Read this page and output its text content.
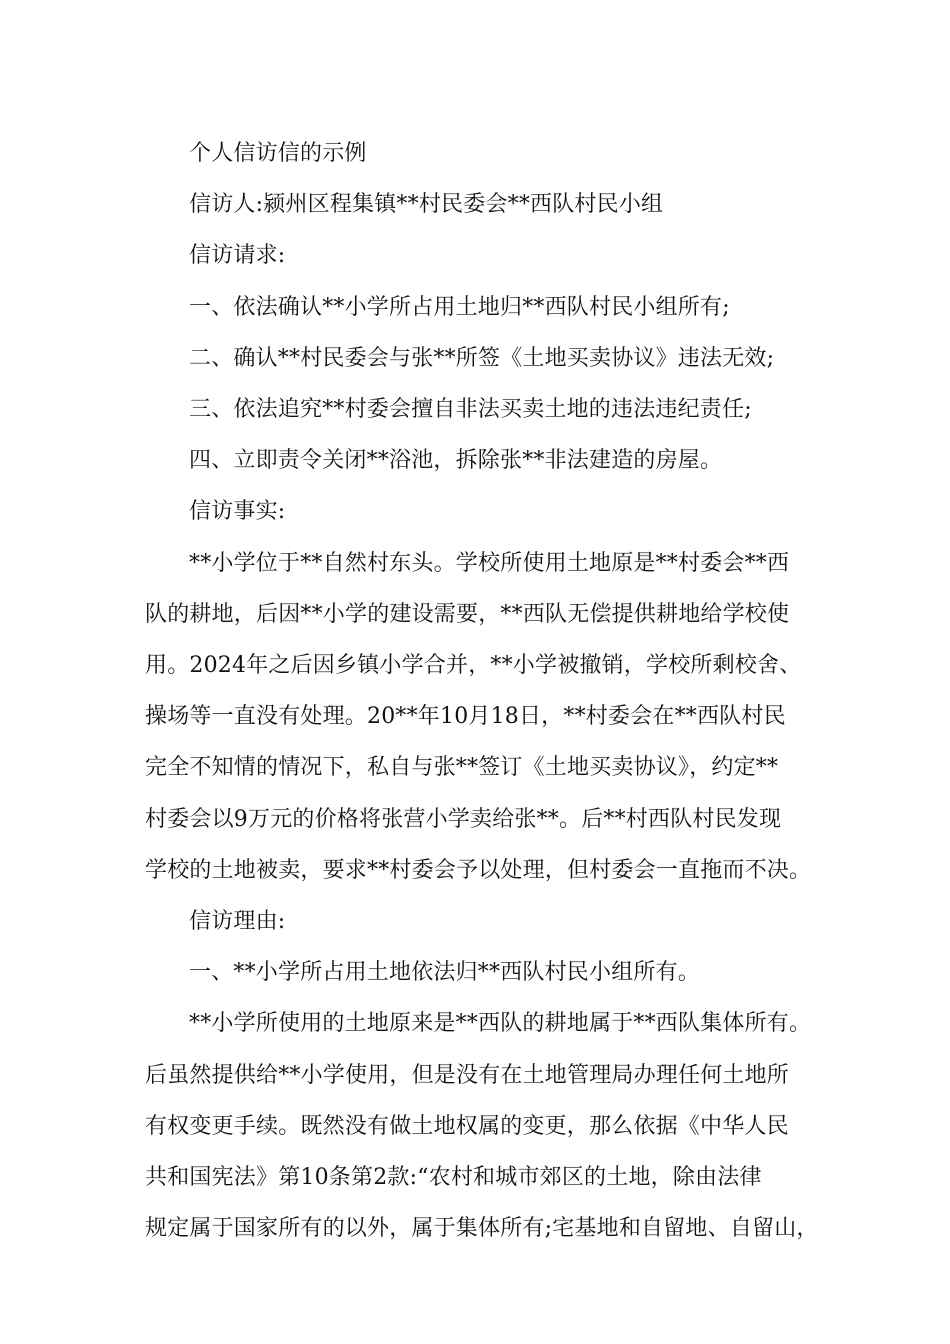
个人信访信的示例

信访人:颍州区程集镇**村民委会**西队村民小组

信访请求:

一、依法确认**小学所占用土地归**西队村民小组所有;

二、确认**村民委会与张**所签《土地买卖协议》违法无效;

三、依法追究**村委会擅自非法买卖土地的违法违纪责任;

四、立即责令关闭**浴池，拆除张**非法建造的房屋。

信访事实:

**小学位于**自然村东头。学校所使用土地原是**村委会**西

队的耕地，后因**小学的建设需要，**西队无偿提供耕地给学校使

用。2024年之后因乡镇小学合并，**小学被撤销，学校所剩校舍、

操场等一直没有处理。20**年10月18日，**村委会在**西队村民

完全不知情的情况下，私自与张**签订《土地买卖协议》，约定**

村委会以9万元的价格将张营小学卖给张**。后**村西队村民发现

学校的土地被卖，要求**村委会予以处理，但村委会一直拖而不决。

信访理由:

一、**小学所占用土地依法归**西队村民小组所有。

**小学所使用的土地原来是**西队的耕地属于**西队集体所有。

后虽然提供给**小学使用，但是没有在土地管理局办理任何土地所

有权变更手续。既然没有做土地权属的变更，那么依据《中华人民

共和国宪法》第10条第2款:“农村和城市郊区的土地，除由法律

规定属于国家所有的以外，属于集体所有;宅基地和自留地、自留山，
